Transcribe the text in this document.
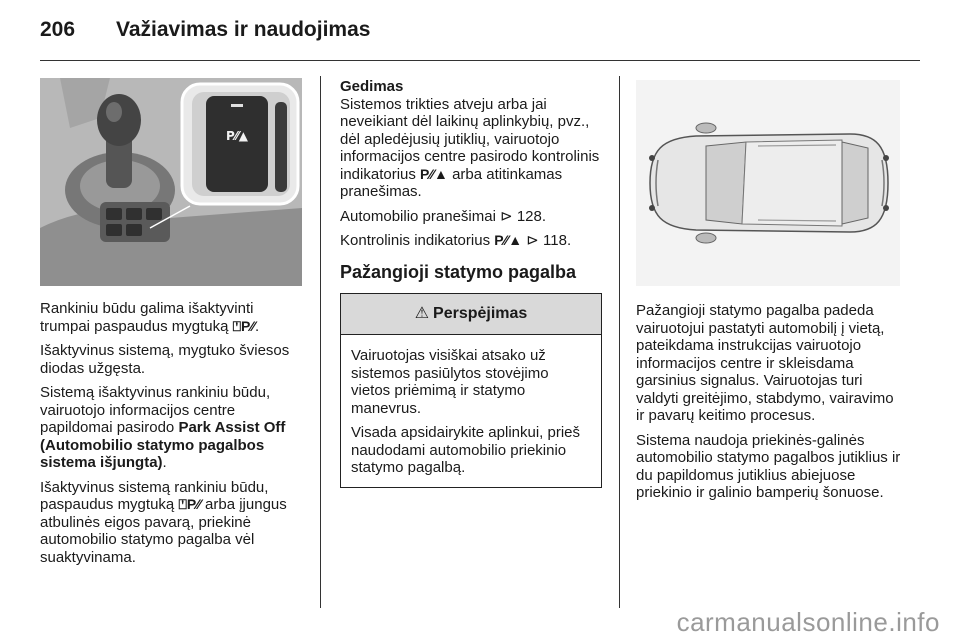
206 Važiavimas ir naudojimas
P⁄⁄▲

Rankiniu būdu galima išaktyvinti trumpai paspaudus mygtuką ⍞P⁄⁄.

Išaktyvinus sistemą, mygtuko šviesos diodas užgęsta.

Sistemą išaktyvinus rankiniu būdu, vairuotojo informacijos centre papildomai pasirodo Park Assist Off (Automobilio statymo pagalbos sistema išjungta).

Išaktyvinus sistemą rankiniu būdu, paspaudus mygtuką ⍞P⁄⁄ arba įjungus atbulinės eigos pavarą, priekinė automobilio statymo pagalba vėl suaktyvinama.

Gedimas

Sistemos trikties atveju arba jai neveikiant dėl laikinų aplinkybių, pvz., dėl apledėjusių jutiklių, vairuotojo informacijos centre pasirodo kontrolinis indikatorius P⁄⁄▲ arba atitinkamas pranešimas.

Automobilio pranešimai ⊳ 128.

Kontrolinis indikatorius P⁄⁄▲ ⊳ 118.

Pažangioji statymo pagalba
⚠ Perspėjimas

Vairuotojas visiškai atsako už sistemos pasiūlytos stovėjimo vietos priėmimą ir statymo manevrus.

Visada apsidairykite aplinkui, prieš naudodami automobilio priekinio statymo pagalbą.

Pažangioji statymo pagalba padeda vairuotojui pastatyti automobilį į vietą, pateikdama instrukcijas vairuotojo informacijos centre ir skleisdama garsinius signalus. Vairuotojas turi valdyti greitėjimo, stabdymo, vairavimo ir pavarų keitimo procesus.

Sistema naudoja priekinės-galinės automobilio statymo pagalbos jutiklius ir du papildomus jutiklius abiejuose priekinio ir galinio bamperių šonuose.

carmanualsonline.info
